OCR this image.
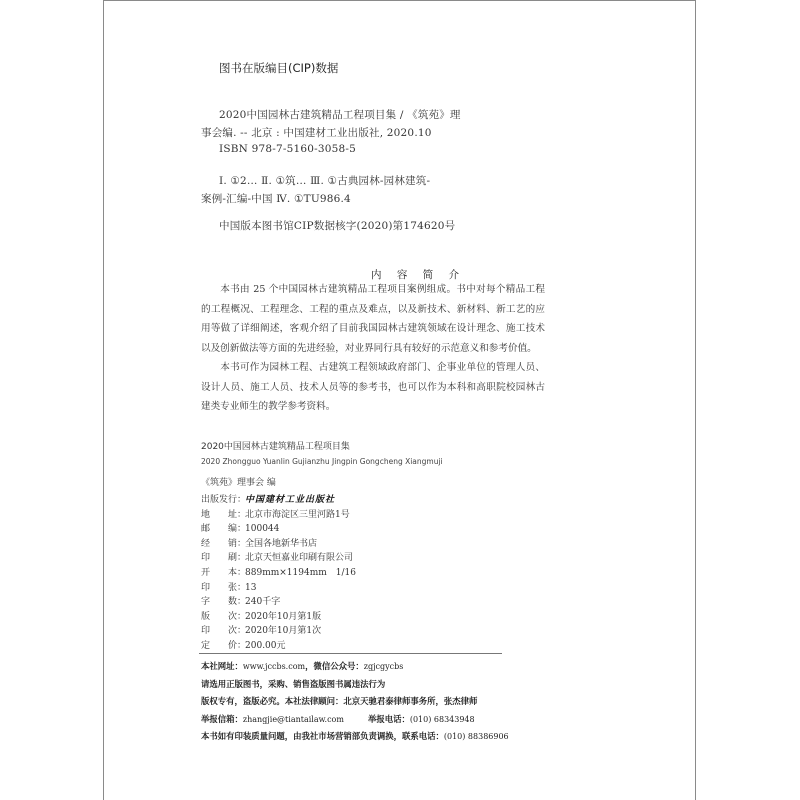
图书在版编目(CIP)数据
2020中国园林古建筑精品工程项目集 / 《筑苑》理
事会编. -- 北京 : 中国建材工业出版社, 2020.10
ISBN 978-7-5160-3058-5
Ⅰ. ①2… Ⅱ. ①筑… Ⅲ. ①古典园林-园林建筑-
案例-汇编-中国 Ⅳ. ①TU986.4
中国版本图书馆CIP数据核字(2020)第174620号
内 容 简 介
本书由 25 个中国园林古建筑精品工程项目案例组成。书中对每个精品工程的工程概况、工程理念、工程的重点及难点，以及新技术、新材料、新工艺的应用等做了详细阐述，客观介绍了目前我国园林古建筑领域在设计理念、施工技术以及创新做法等方面的先进经验，对业界同行具有较好的示范意义和参考价值。
本书可作为园林工程、古建筑工程领域政府部门、企事业单位的管理人员、设计人员、施工人员、技术人员等的参考书，也可以作为本科和高职院校园林古建类专业师生的教学参考资料。
2020中国园林古建筑精品工程项目集
2020 Zhongguo Yuanlin Gujianzhu Jingpin Gongcheng Xiangmuji
《筑苑》理事会 编
出版发行：中国建材工业出版社
地　　址：北京市海淀区三里河路1号
邮　　编：100044
经　　销：全国各地新华书店
印　　刷：北京天恒嘉业印刷有限公司
开　　本：889mm×1194mm　1/16
印　　张：13
字　　数：240千字
版　　次：2020年10月第1版
印　　次：2020年10月第1次
定　　价：200.00元
本社网址：www.jccbs.com，微信公众号：zgjcgycbs
请选用正版图书，采购、销售盗版图书属违法行为
版权专有，盗版必究。本社法律顾问：北京天驰君泰律师事务所，张杰律师
举报信箱：zhangjie@tiantailaw.com	举报电话：(010) 68343948
本书如有印装质量问题，由我社市场营销部负责调换，联系电话：(010) 88386906
